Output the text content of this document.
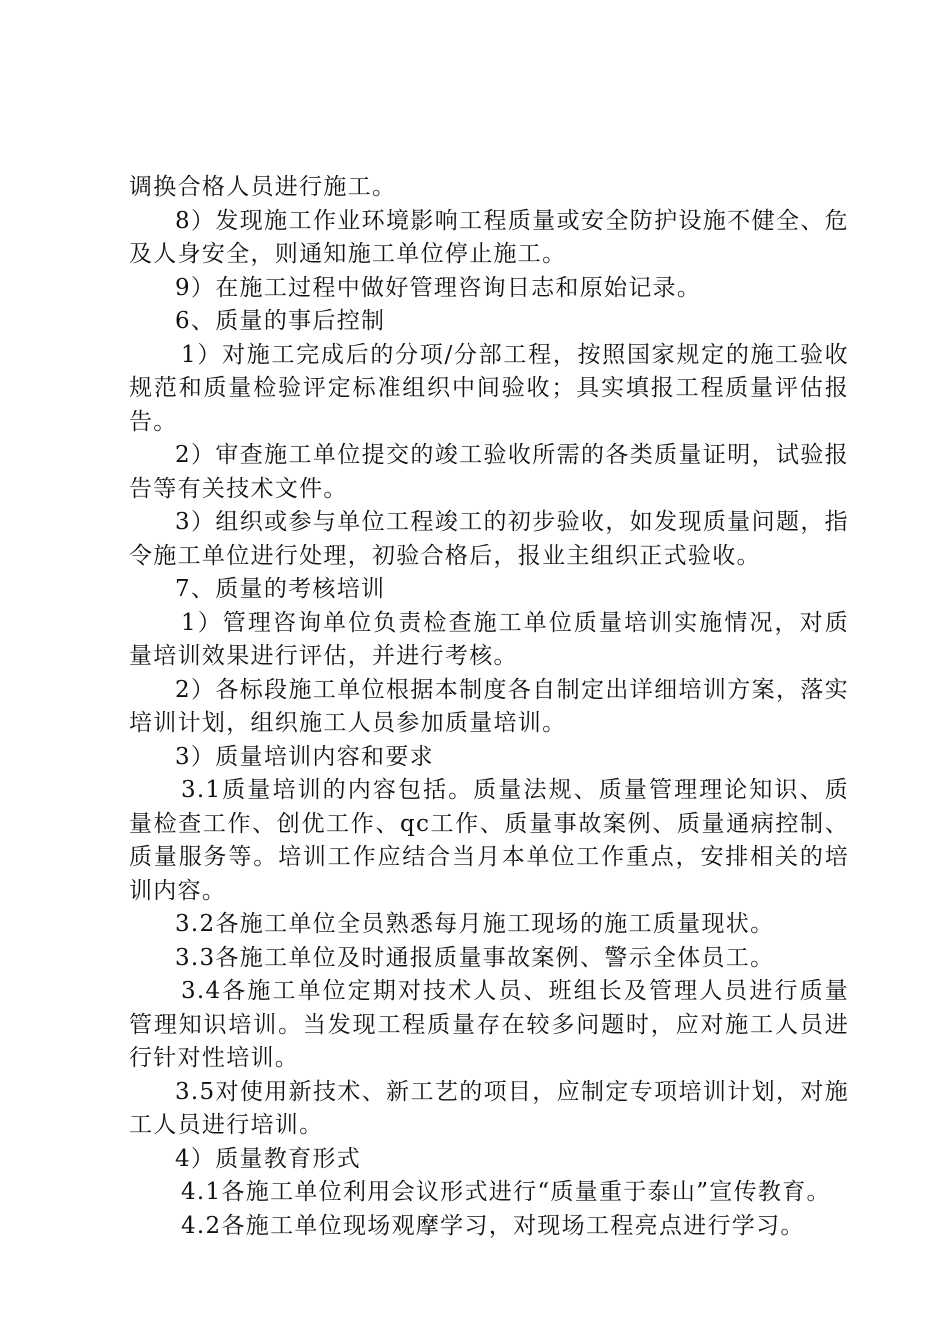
调换合格人员进行施工。

8）发现施工作业环境影响工程质量或安全防护设施不健全、危及人身安全，则通知施工单位停止施工。

9）在施工过程中做好管理咨询日志和原始记录。

6、质量的事后控制

1）对施工完成后的分项/分部工程，按照国家规定的施工验收规范和质量检验评定标准组织中间验收；具实填报工程质量评估报告。

2）审查施工单位提交的竣工验收所需的各类质量证明，试验报告等有关技术文件。

3）组织或参与单位工程竣工的初步验收，如发现质量问题，指令施工单位进行处理，初验合格后，报业主组织正式验收。

7、质量的考核培训

1）管理咨询单位负责检查施工单位质量培训实施情况，对质量培训效果进行评估，并进行考核。

2）各标段施工单位根据本制度各自制定出详细培训方案，落实培训计划，组织施工人员参加质量培训。

3）质量培训内容和要求

3.1质量培训的内容包括。质量法规、质量管理理论知识、质量检查工作、创优工作、qc工作、质量事故案例、质量通病控制、质量服务等。培训工作应结合当月本单位工作重点，安排相关的培训内容。

3.2各施工单位全员熟悉每月施工现场的施工质量现状。

3.3各施工单位及时通报质量事故案例、警示全体员工。

3.4各施工单位定期对技术人员、班组长及管理人员进行质量管理知识培训。当发现工程质量存在较多问题时，应对施工人员进行针对性培训。

3.5对使用新技术、新工艺的项目，应制定专项培训计划，对施工人员进行培训。

4）质量教育形式

4.1各施工单位利用会议形式进行“质量重于泰山”宣传教育。

4.2各施工单位现场观摩学习，对现场工程亮点进行学习。
